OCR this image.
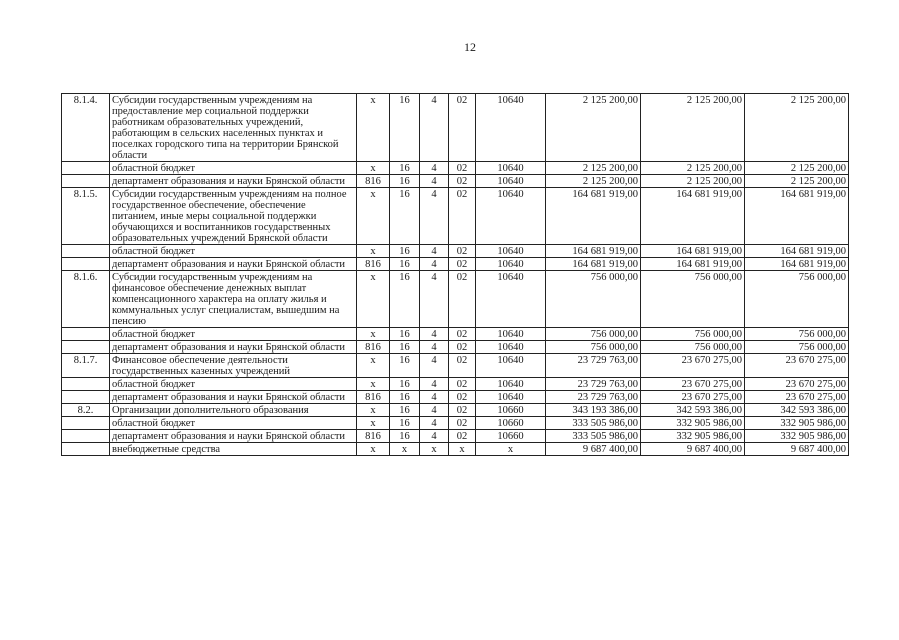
12
8.1.4.	Субсидии государственным учреждениям на предоставление мер социальной поддержки работникам образовательных учреждений, работающим в сельских населенных пунктах и поселках городского типа на территории Брянской области	х	16	4	02	10640	2 125 200,00	2 125 200,00	2 125 200,00
	областной бюджет	х	16	4	02	10640	2 125 200,00	2 125 200,00	2 125 200,00
	департамент образования и науки Брянской области	816	16	4	02	10640	2 125 200,00	2 125 200,00	2 125 200,00
8.1.5.	Субсидии государственным учреждениям на полное государственное обеспечение, обеспечение питанием, иные меры социальной поддержки обучающихся и воспитанников государственных образовательных учреждений Брянской области	х	16	4	02	10640	164 681 919,00	164 681 919,00	164 681 919,00
	областной бюджет	х	16	4	02	10640	164 681 919,00	164 681 919,00	164 681 919,00
	департамент образования и науки Брянской области	816	16	4	02	10640	164 681 919,00	164 681 919,00	164 681 919,00
8.1.6.	Субсидии государственным учреждениям на финансовое обеспечение денежных выплат компенсационного характера на оплату жилья и коммунальных услуг специалистам, вышедшим на пенсию	х	16	4	02	10640	756 000,00	756 000,00	756 000,00
	областной бюджет	х	16	4	02	10640	756 000,00	756 000,00	756 000,00
	департамент образования и науки Брянской области	816	16	4	02	10640	756 000,00	756 000,00	756 000,00
8.1.7.	Финансовое обеспечение деятельности государственных казенных учреждений	х	16	4	02	10640	23 729 763,00	23 670 275,00	23 670 275,00
	областной бюджет	х	16	4	02	10640	23 729 763,00	23 670 275,00	23 670 275,00
	департамент образования и науки Брянской области	816	16	4	02	10640	23 729 763,00	23 670 275,00	23 670 275,00
8.2.	Организации дополнительного образования	х	16	4	02	10660	343 193 386,00	342 593 386,00	342 593 386,00
	областной бюджет	х	16	4	02	10660	333 505 986,00	332 905 986,00	332 905 986,00
	департамент образования и науки Брянской области	816	16	4	02	10660	333 505 986,00	332 905 986,00	332 905 986,00
	внебюджетные средства	х	х	х	х	х	9 687 400,00	9 687 400,00	9 687 400,00
